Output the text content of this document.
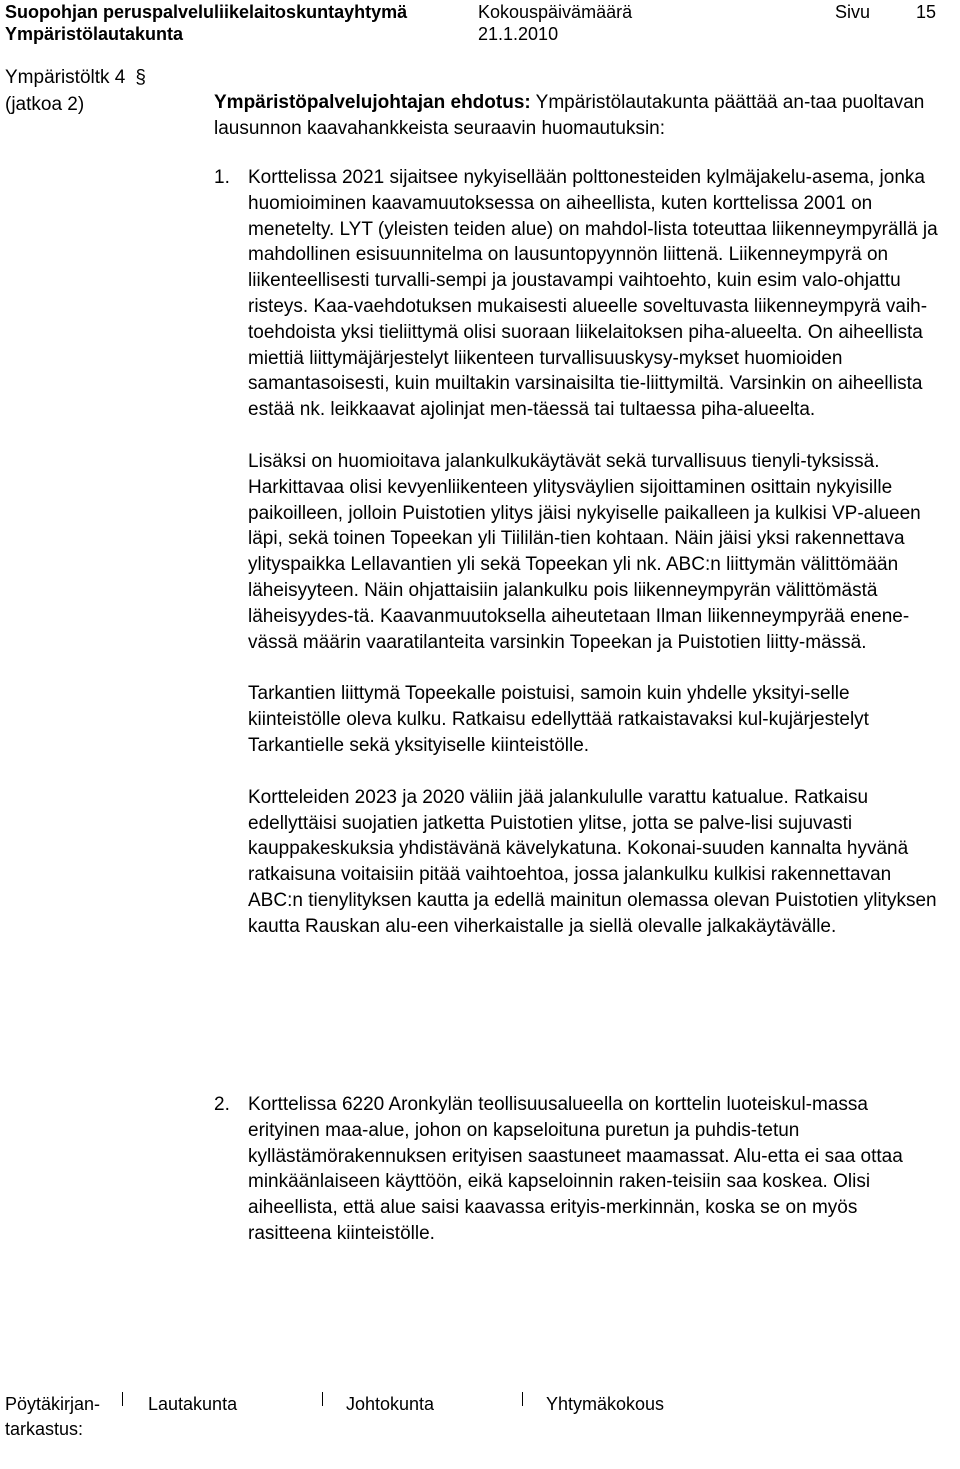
Suopohjan peruspalveluliikelaitoskuntayhtymä
Ympäristölautakunta
Kokouspäivämäärä
21.1.2010
Sivu	15
Ympäristöltk 4 §
(jatkoa 2)	Ympäristöpalvelujohtajan ehdotus: Ympäristölautakunta päättää an-taa puoltavan lausunnon kaavahankkeista seuraavin huomautuksin:
1. Korttelissa 2021 sijaitsee nykyisellään polttonesteiden kylmäjakelu-asema, jonka huomioiminen kaavamuutoksessa on aiheellista, kuten korttelissa 2001 on menetelty. LYT (yleisten teiden alue) on mahdol-lista toteuttaa liikenneympyrällä ja mahdollinen esisuunnitelma on lausuntopyynnön liittenä. Liikenneympyrä on liikenteellisesti turvalli-sempi ja joustavampi vaihtoehto, kuin esim valo-ohjattu risteys. Kaa-vaehdotuksen mukaisesti alueelle soveltuvasta liikenneympyrä vaih-toehdoista yksi tieliittymä olisi suoraan liikelaitoksen piha-alueelta. On aiheellista miettiä liittymäjärjestelyt liikenteen turvallisuuskysy-mykset huomioiden samantasoisesti, kuin muiltakin varsinaisilta tie-liittymiltä. Varsinkin on aiheellista estää nk. leikkaavat ajolinjat men-täessä tai tultaessa piha-alueelta.

Lisäksi on huomioitava jalankulkukäytävät sekä turvallisuus tienyli-tyksissä. Harkittavaa olisi kevyenliikenteen ylitysväylien sijoittaminen osittain nykyisille paikoilleen, jolloin Puistotien ylitys jäisi nykyiselle paikalleen ja kulkisi VP-alueen läpi, sekä toinen Topeekan yli Tiililän-tien kohtaan. Näin jäisi yksi rakennettava ylityspaikka Lellavantien yli sekä Topeekan yli nk. ABC:n liittymän välittömään läheisyyteen. Näin ohjattaisiin jalankulku pois liikenneympyrän välittömästä läheisyydes-tä. Kaavanmuutoksella aiheutetaan Ilman liikenneympyrää enene-vässä määrin vaaratilanteita varsinkin Topeekan ja Puistotien liitty-mässä.

Tarkantien liittymä Topeekalle poistuisi, samoin kuin yhdelle yksityi-selle kiinteistölle oleva kulku. Ratkaisu edellyttää ratkaistavaksi kul-kujärjestelyt Tarkantielle sekä yksityiselle kiinteistölle.

Kortteleiden 2023 ja 2020 väliin jää jalankululle varattu katualue. Ratkaisu edellyttäisi suojatien jatketta Puistotien ylitse, jotta se palve-lisi sujuvasti kauppakeskuksia yhdistävänä kävelykatuna. Kokonai-suuden kannalta hyvänä ratkaisuna voitaisiin pitää vaihtoehtoa, jossa jalankulku kulkisi rakennettavan ABC:n tienylityksen kautta ja edellä mainitun olemassa olevan Puistotien ylityksen kautta Rauskan alu-een viherkaistalle ja siellä olevalle jalkakäytävälle.

2. Korttelissa 6220 Aronkylän teollisuusalueella on korttelin luoteiskul-massa erityinen maa-alue, johon on kapseloituna puretun ja puhdis-tetun kyllästämörakennuksen erityisen saastuneet maamassat. Alu-etta ei saa ottaa minkäänlaiseen käyttöön, eikä kapseloinnin raken-teisiin saa koskea. Olisi aiheellista, että alue saisi kaavassa erityis-merkinnän, koska se on myös rasitteena kiinteistölle.

Pöytäkirjan-tarkastus:
Lautakunta	Johtokunta	Yhtymäkokous
